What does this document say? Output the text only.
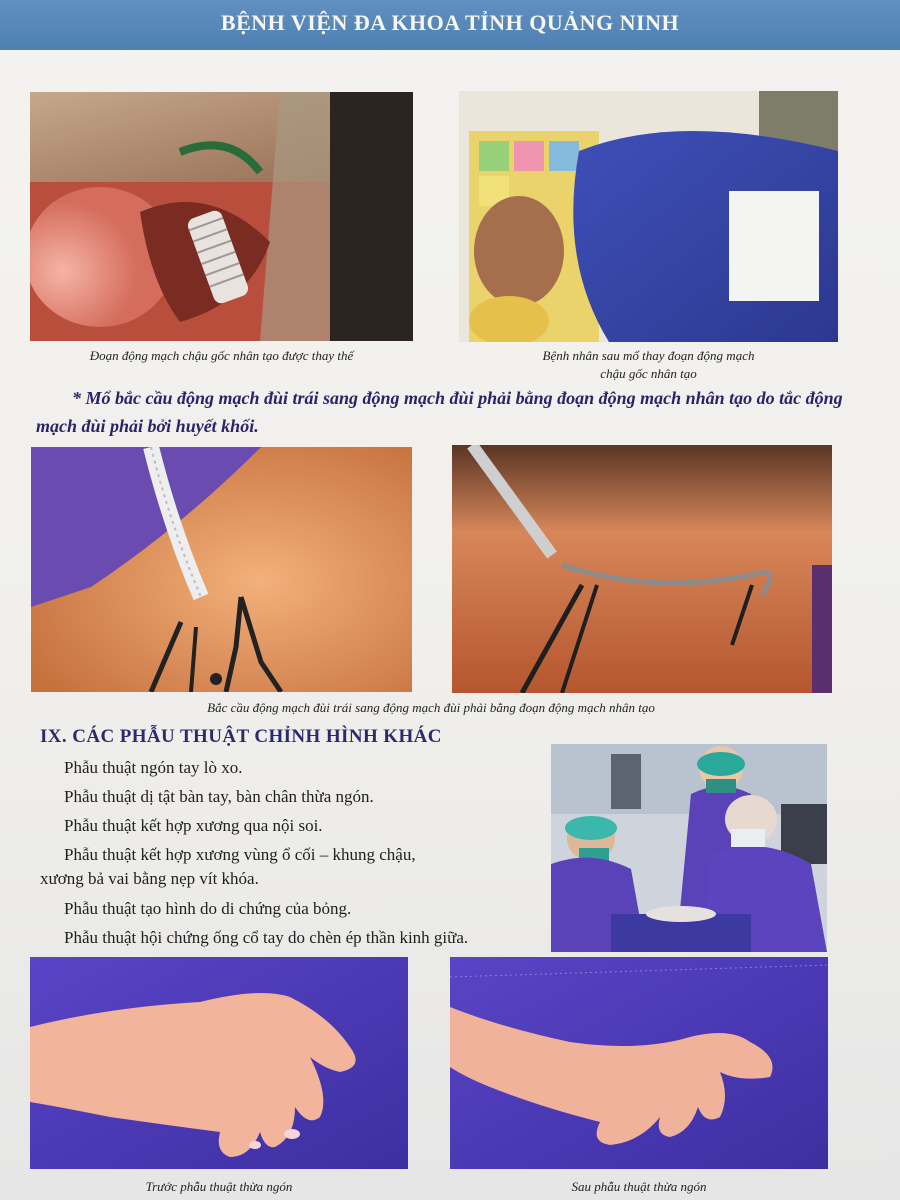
BỆNH VIỆN ĐA KHOA TỈNH QUẢNG NINH
Đoạn động mạch chậu gốc nhân tạo được thay thế	Bệnh nhân sau mổ thay đoạn động mạch
chậu gốc nhân tạo
* Mổ bắc cầu động mạch đùi trái sang động mạch đùi phải bằng đoạn động mạch nhân tạo do tắc động mạch đùi phải bởi huyết khối.
Bắc cầu động mạch đùi trái sang động mạch đùi phải bằng đoạn động mạch nhân tạo
IX. CÁC PHẪU THUẬT CHỈNH HÌNH KHÁC
Phẫu thuật ngón tay lò xo.
Phẫu thuật dị tật bàn tay, bàn chân thừa ngón.
Phẫu thuật kết hợp xương qua nội soi.
Phẫu thuật kết hợp xương vùng ổ cối – khung chậu,
xương bả vai bằng nẹp vít khóa.
Phẫu thuật tạo hình do di chứng của bỏng.
Phẫu thuật hội chứng ống cổ tay do chèn ép thần kinh giữa.
Trước phẫu thuật thừa ngón	Sau phẫu thuật thừa ngón
